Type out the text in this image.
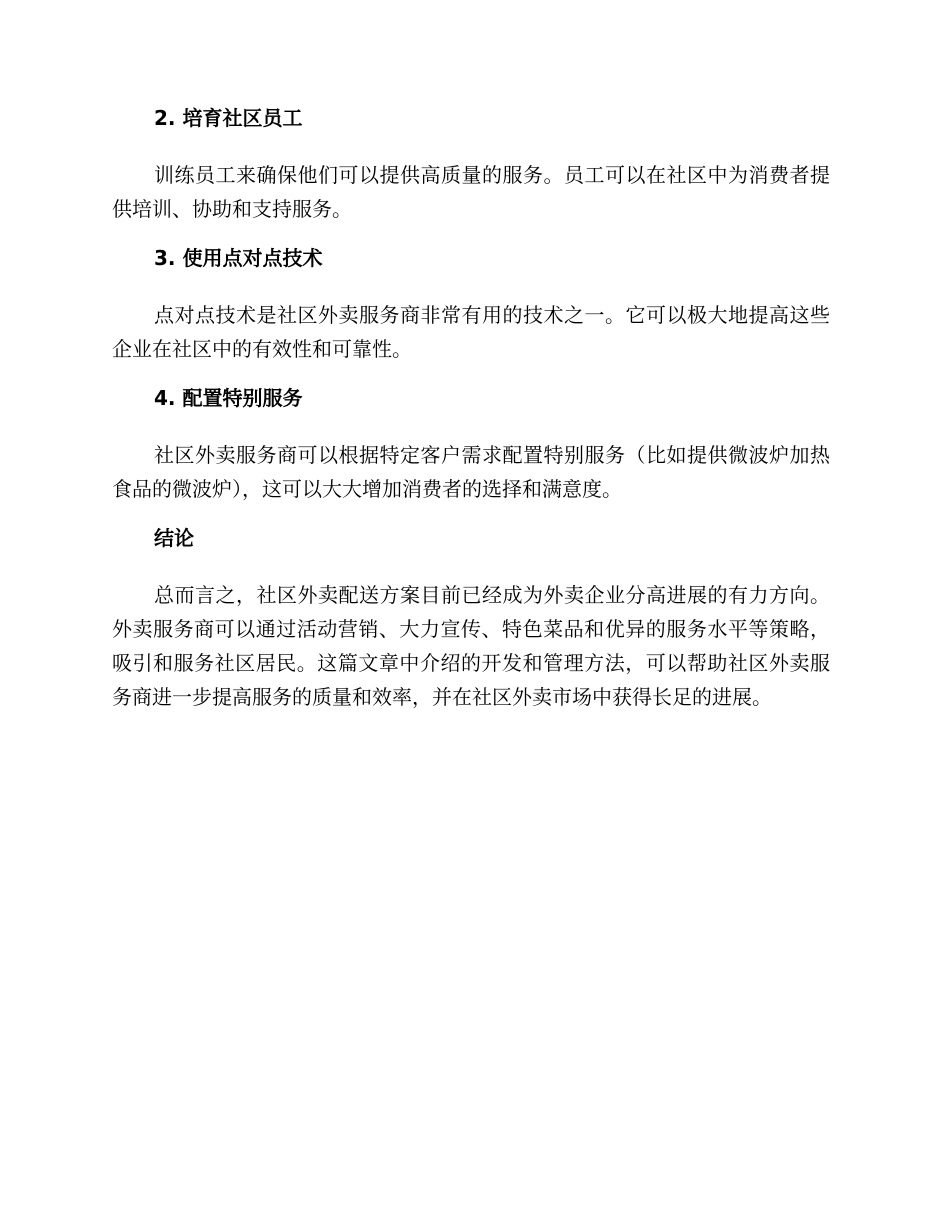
2. 培育社区员工

训练员工来确保他们可以提供高质量的服务。员工可以在社区中为消费者提供培训、协助和支持服务。

3. 使用点对点技术

点对点技术是社区外卖服务商非常有用的技术之一。它可以极大地提高这些企业在社区中的有效性和可靠性。

4. 配置特别服务

社区外卖服务商可以根据特定客户需求配置特别服务（比如提供微波炉加热食品的微波炉），这可以大大增加消费者的选择和满意度。

结论

总而言之，社区外卖配送方案目前已经成为外卖企业分高进展的有力方向。外卖服务商可以通过活动营销、大力宣传、特色菜品和优异的服务水平等策略，吸引和服务社区居民。这篇文章中介绍的开发和管理方法，可以帮助社区外卖服务商进一步提高服务的质量和效率，并在社区外卖市场中获得长足的进展。
